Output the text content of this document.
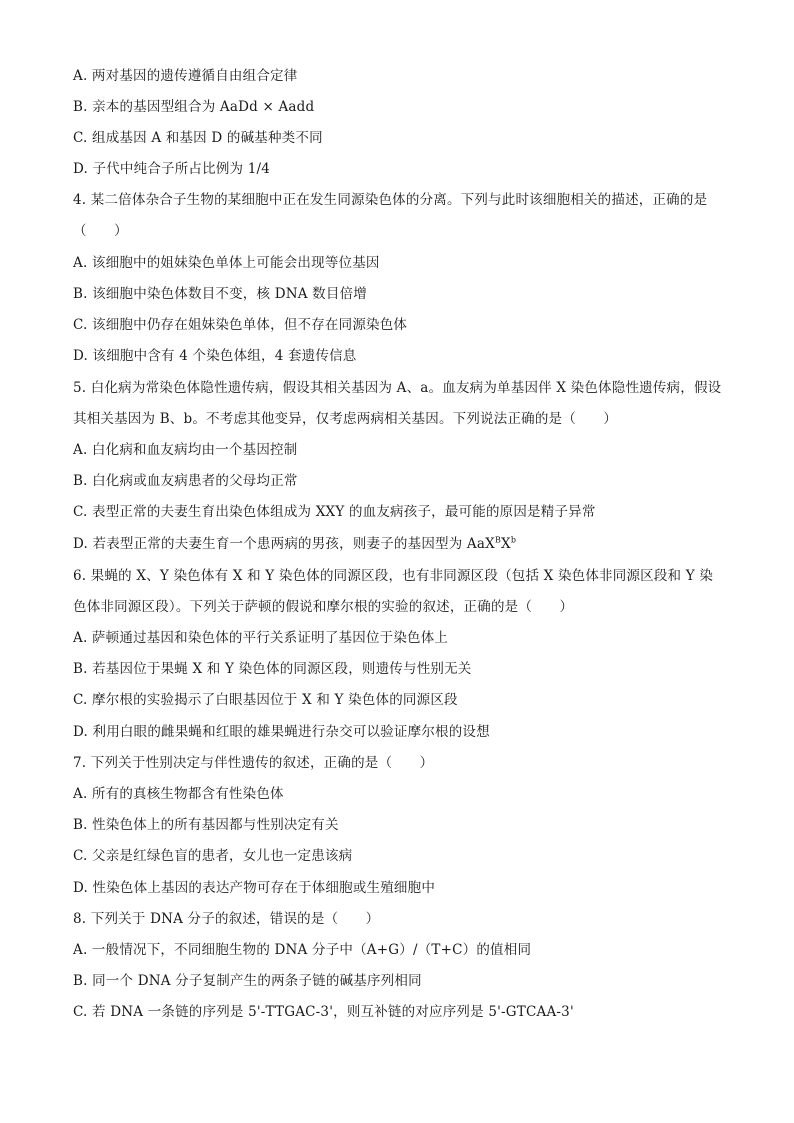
A. 两对基因的遗传遵循自由组合定律
B. 亲本的基因型组合为 AaDd × Aadd
C. 组成基因 A 和基因 D 的碱基种类不同
D. 子代中纯合子所占比例为 1/4
4. 某二倍体杂合子生物的某细胞中正在发生同源染色体的分离。下列与此时该细胞相关的描述，正确的是
（　　）
A. 该细胞中的姐妹染色单体上可能会出现等位基因
B. 该细胞中染色体数目不变，核 DNA 数目倍增
C. 该细胞中仍存在姐妹染色单体，但不存在同源染色体
D. 该细胞中含有 4 个染色体组，4 套遗传信息
5. 白化病为常染色体隐性遗传病，假设其相关基因为 A、a。血友病为单基因伴 X 染色体隐性遗传病，假设
其相关基因为 B、b。不考虑其他变异，仅考虑两病相关基因。下列说法正确的是（　　）
A. 白化病和血友病均由一个基因控制
B. 白化病或血友病患者的父母均正常
C. 表型正常的夫妻生育出染色体组成为 XXY 的血友病孩子，最可能的原因是精子异常
D. 若表型正常的夫妻生育一个患两病的男孩，则妻子的基因型为 $AaX^BX^b$
6. 果蝇的 X、Y 染色体有 X 和 Y 染色体的同源区段，也有非同源区段（包括 X 染色体非同源区段和 Y 染
色体非同源区段）。下列关于萨顿的假说和摩尔根的实验的叙述，正确的是（　　）
A. 萨顿通过基因和染色体的平行关系证明了基因位于染色体上
B. 若基因位于果蝇 X 和 Y 染色体的同源区段，则遗传与性别无关
C. 摩尔根的实验揭示了白眼基因位于 X 和 Y 染色体的同源区段
D. 利用白眼的雌果蝇和红眼的雄果蝇进行杂交可以验证摩尔根的设想
7. 下列关于性别决定与伴性遗传的叙述，正确的是（　　）
A. 所有的真核生物都含有性染色体
B. 性染色体上的所有基因都与性别决定有关
C. 父亲是红绿色盲的患者，女儿也一定患该病
D. 性染色体上基因的表达产物可存在于体细胞或生殖细胞中
8. 下列关于 DNA 分子的叙述，错误的是（　　）
A. 一般情况下，不同细胞生物的 DNA 分子中（A+G）/（T+C）的值相同
B. 同一个 DNA 分子复制产生的两条子链的碱基序列相同
C. 若 DNA 一条链的序列是 5'-TTGAC-3'，则互补链的对应序列是 5'-GTCAA-3'
